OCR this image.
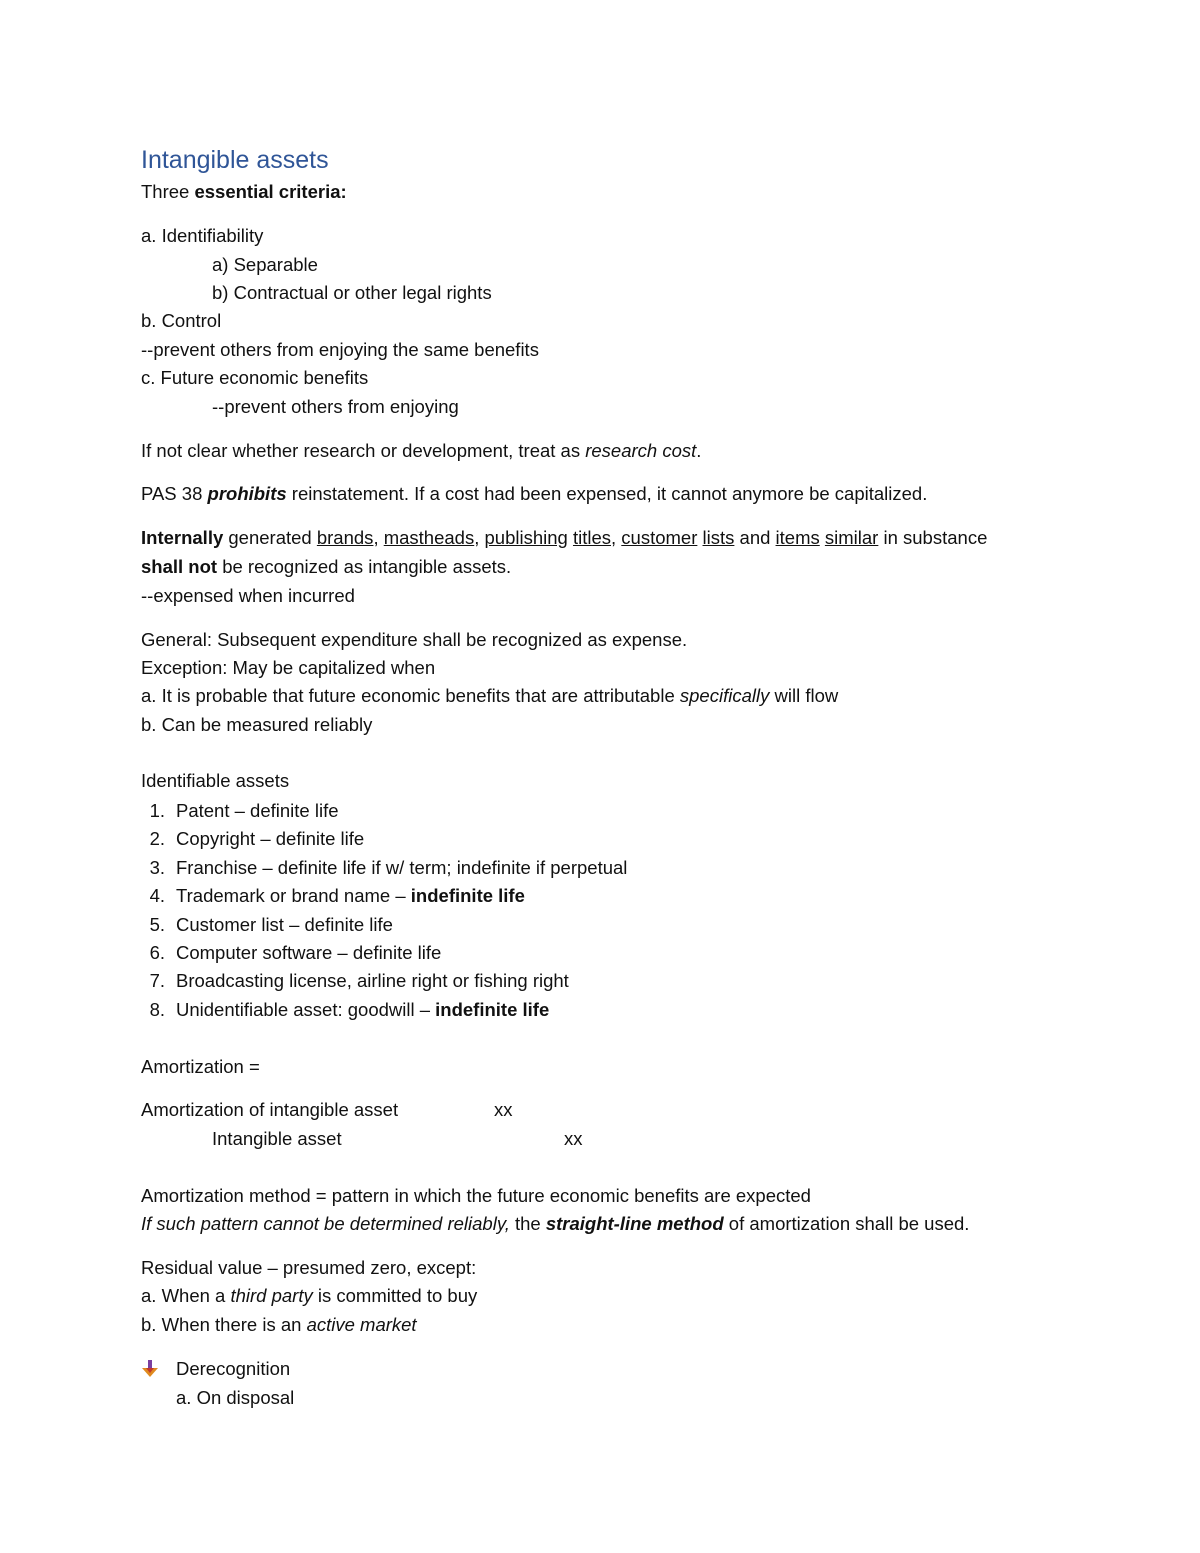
Intangible assets
Three essential criteria:
a. Identifiability
a) Separable
b) Contractual or other legal rights
b. Control
--prevent others from enjoying the same benefits
c. Future economic benefits
--prevent others from enjoying
If not clear whether research or development, treat as research cost.
PAS 38 prohibits reinstatement. If a cost had been expensed, it cannot anymore be capitalized.
Internally generated brands, mastheads, publishing titles, customer lists and items similar in substance
shall not be recognized as intangible assets.
--expensed when incurred
General: Subsequent expenditure shall be recognized as expense.
Exception: May be capitalized when
a. It is probable that future economic benefits that are attributable specifically will flow
b. Can be measured reliably
Identifiable assets
1. Patent – definite life
2. Copyright – definite life
3. Franchise – definite life if w/ term; indefinite if perpetual
4. Trademark or brand name – indefinite life
5. Customer list – definite life
6. Computer software – definite life
7. Broadcasting license, airline right or fishing right
8. Unidentifiable asset: goodwill – indefinite life
Amortization =
Amortization of intangible asset	xx
Intangible asset	xx
Amortization method = pattern in which the future economic benefits are expected
If such pattern cannot be determined reliably, the straight-line method of amortization shall be used.
Residual value – presumed zero, except:
a. When a third party is committed to buy
b. When there is an active market
Derecognition
a. On disposal
